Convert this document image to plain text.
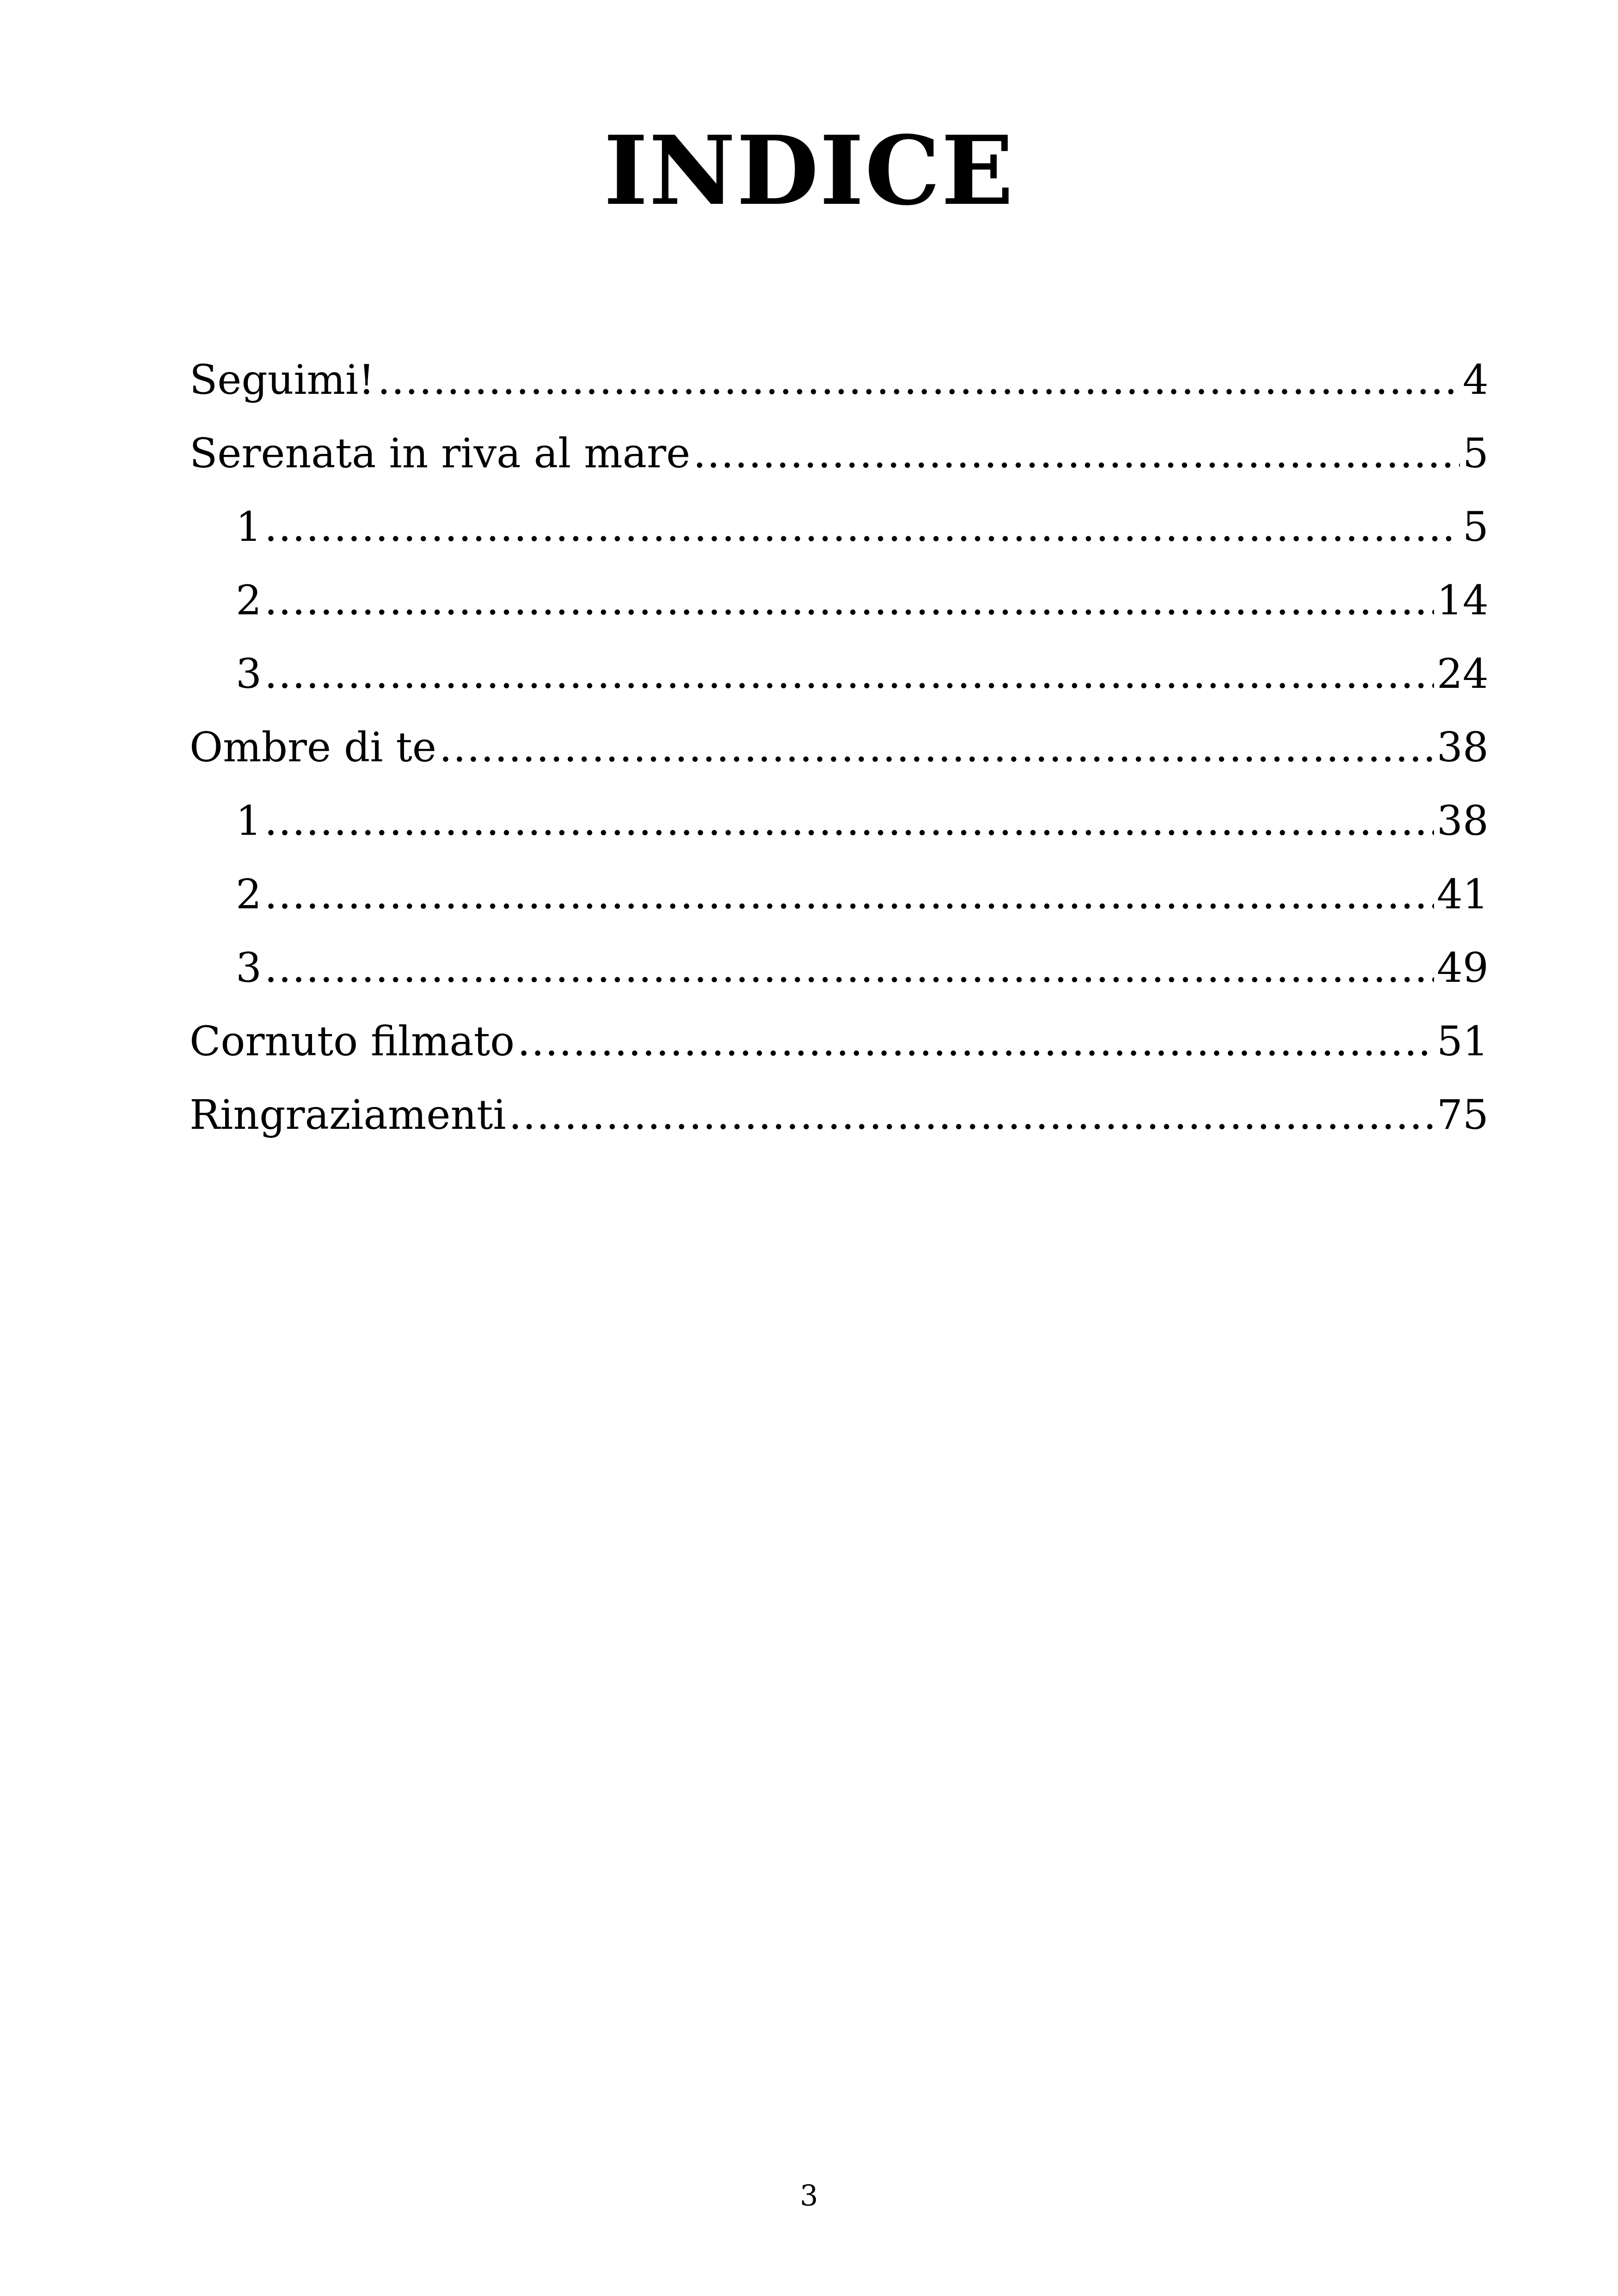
INDICE
Seguimi! .....	4
Serenata in riva al mare .....	5
1 .....	5
2 .....	14
3 .....	24
Ombre di te .....	38
1 .....	38
2 .....	41
3 .....	49
Cornuto filmato .....	51
Ringraziamenti .....	75
3
